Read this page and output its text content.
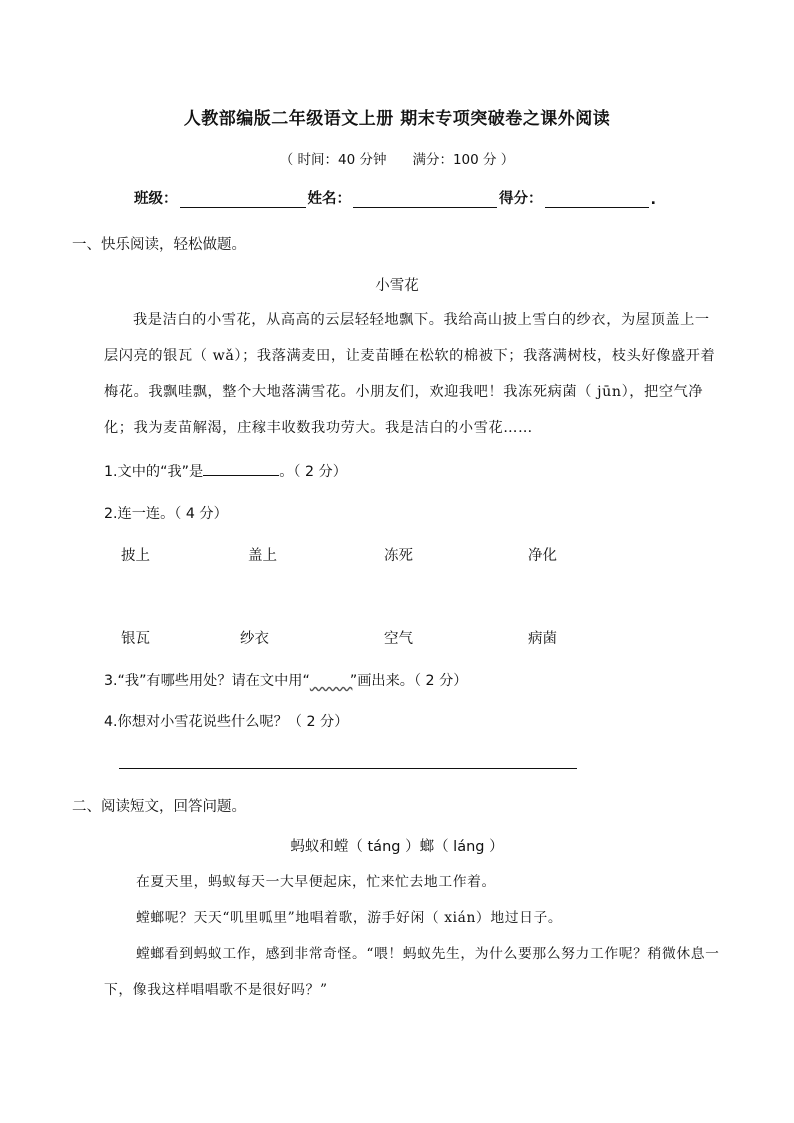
人教部编版二年级语文上册 期末专项突破卷之课外阅读
（ 时间：40 分钟 满分：100 分 ）
班级：	姓名：	得分：	.
一、快乐阅读，轻松做题。
小雪花

我是洁白的小雪花，从高高的云层轻轻地飘下。我给高山披上雪白的纱衣，为屋顶盖上一层闪亮的银瓦（ wǎ）；我落满麦田，让麦苗睡在松软的棉被下；我落满树枝，枝头好像盛开着梅花。我飘哇飘，整个大地落满雪花。小朋友们，欢迎我吧！我冻死病菌（ jūn），把空气净化；我为麦苗解渴，庄稼丰收数我功劳大。我是洁白的小雪花……

1.文中的“我”是	。（ 2 分）
2.连一连。（ 4 分）
披上	盖上	冻死	净化
银瓦	纱衣	空气	病菌
3.“我”有哪些用处？请在文中用“	”画出来。（ 2 分）
4.你想对小雪花说些什么呢？（ 2 分）
二、阅读短文，回答问题。
蚂蚁和螳（ táng ）螂（ láng ）

在夏天里，蚂蚁每天一大早便起床，忙来忙去地工作着。

螳螂呢？天天“叽里呱里”地唱着歌，游手好闲（ xián）地过日子。

螳螂看到蚂蚁工作，感到非常奇怪。“喂！蚂蚁先生，为什么要那么努力工作呢？稍微休息一下，像我这样唱唱歌不是很好吗？”
